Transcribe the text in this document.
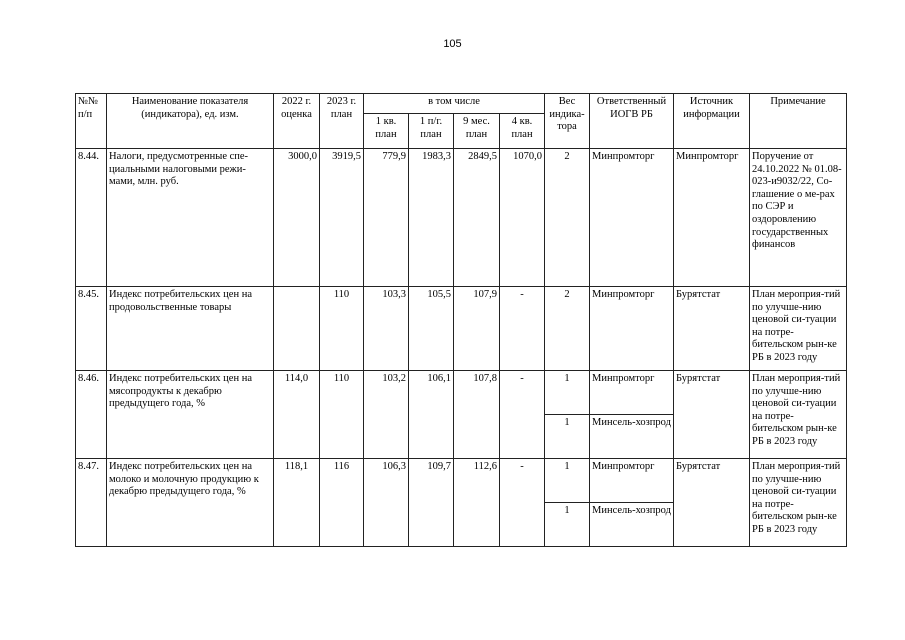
105
№№ п/п	Наименование показателя (индикатора), ед. изм.	2022 г. оценка	2023 г. план	в том числе				Вес индика-тора	Ответственный ИОГВ РБ	Источник информации	Примечание
				1 кв. план	1 п/г. план	9 мес. план	4 кв. план				
8.44.	Налоги, предусмотренные спе-циальными налоговыми режи-мами, млн. руб.	3000,0	3919,5	779,9	1983,3	2849,5	1070,0	2	Минпромторг	Минпромторг	Поручение от 24.10.2022 № 01.08-023-и9032/22, Со-глашение о ме-рах по СЭР и оздоровлению государственных финансов
8.45.	Индекс потребительских цен на продовольственные товары		110	103,3	105,5	107,9	-	2	Минпромторг	Бурятстат	План мероприя-тий по улучше-нию ценовой си-туации на потре-бительском рын-ке РБ в 2023 году
8.46.	Индекс потребительских цен на мясопродукты к декабрю предыдущего года, %	114,0	110	103,2	106,1	107,8	-	1	Минпромторг	Бурятстат	План мероприя-тий по улучше-нию ценовой си-туации на потре-бительском рын-ке РБ в 2023 году
								1	Минсель-хозпрод		
8.47.	Индекс потребительских цен на молоко и молочную продукцию к декабрю предыдущего года, %	118,1	116	106,3	109,7	112,6	-	1	Минпромторг	Бурятстат	План мероприя-тий по улучше-нию ценовой си-туации на потре-бительском рын-ке РБ в 2023 году
								1	Минсель-хозпрод		
